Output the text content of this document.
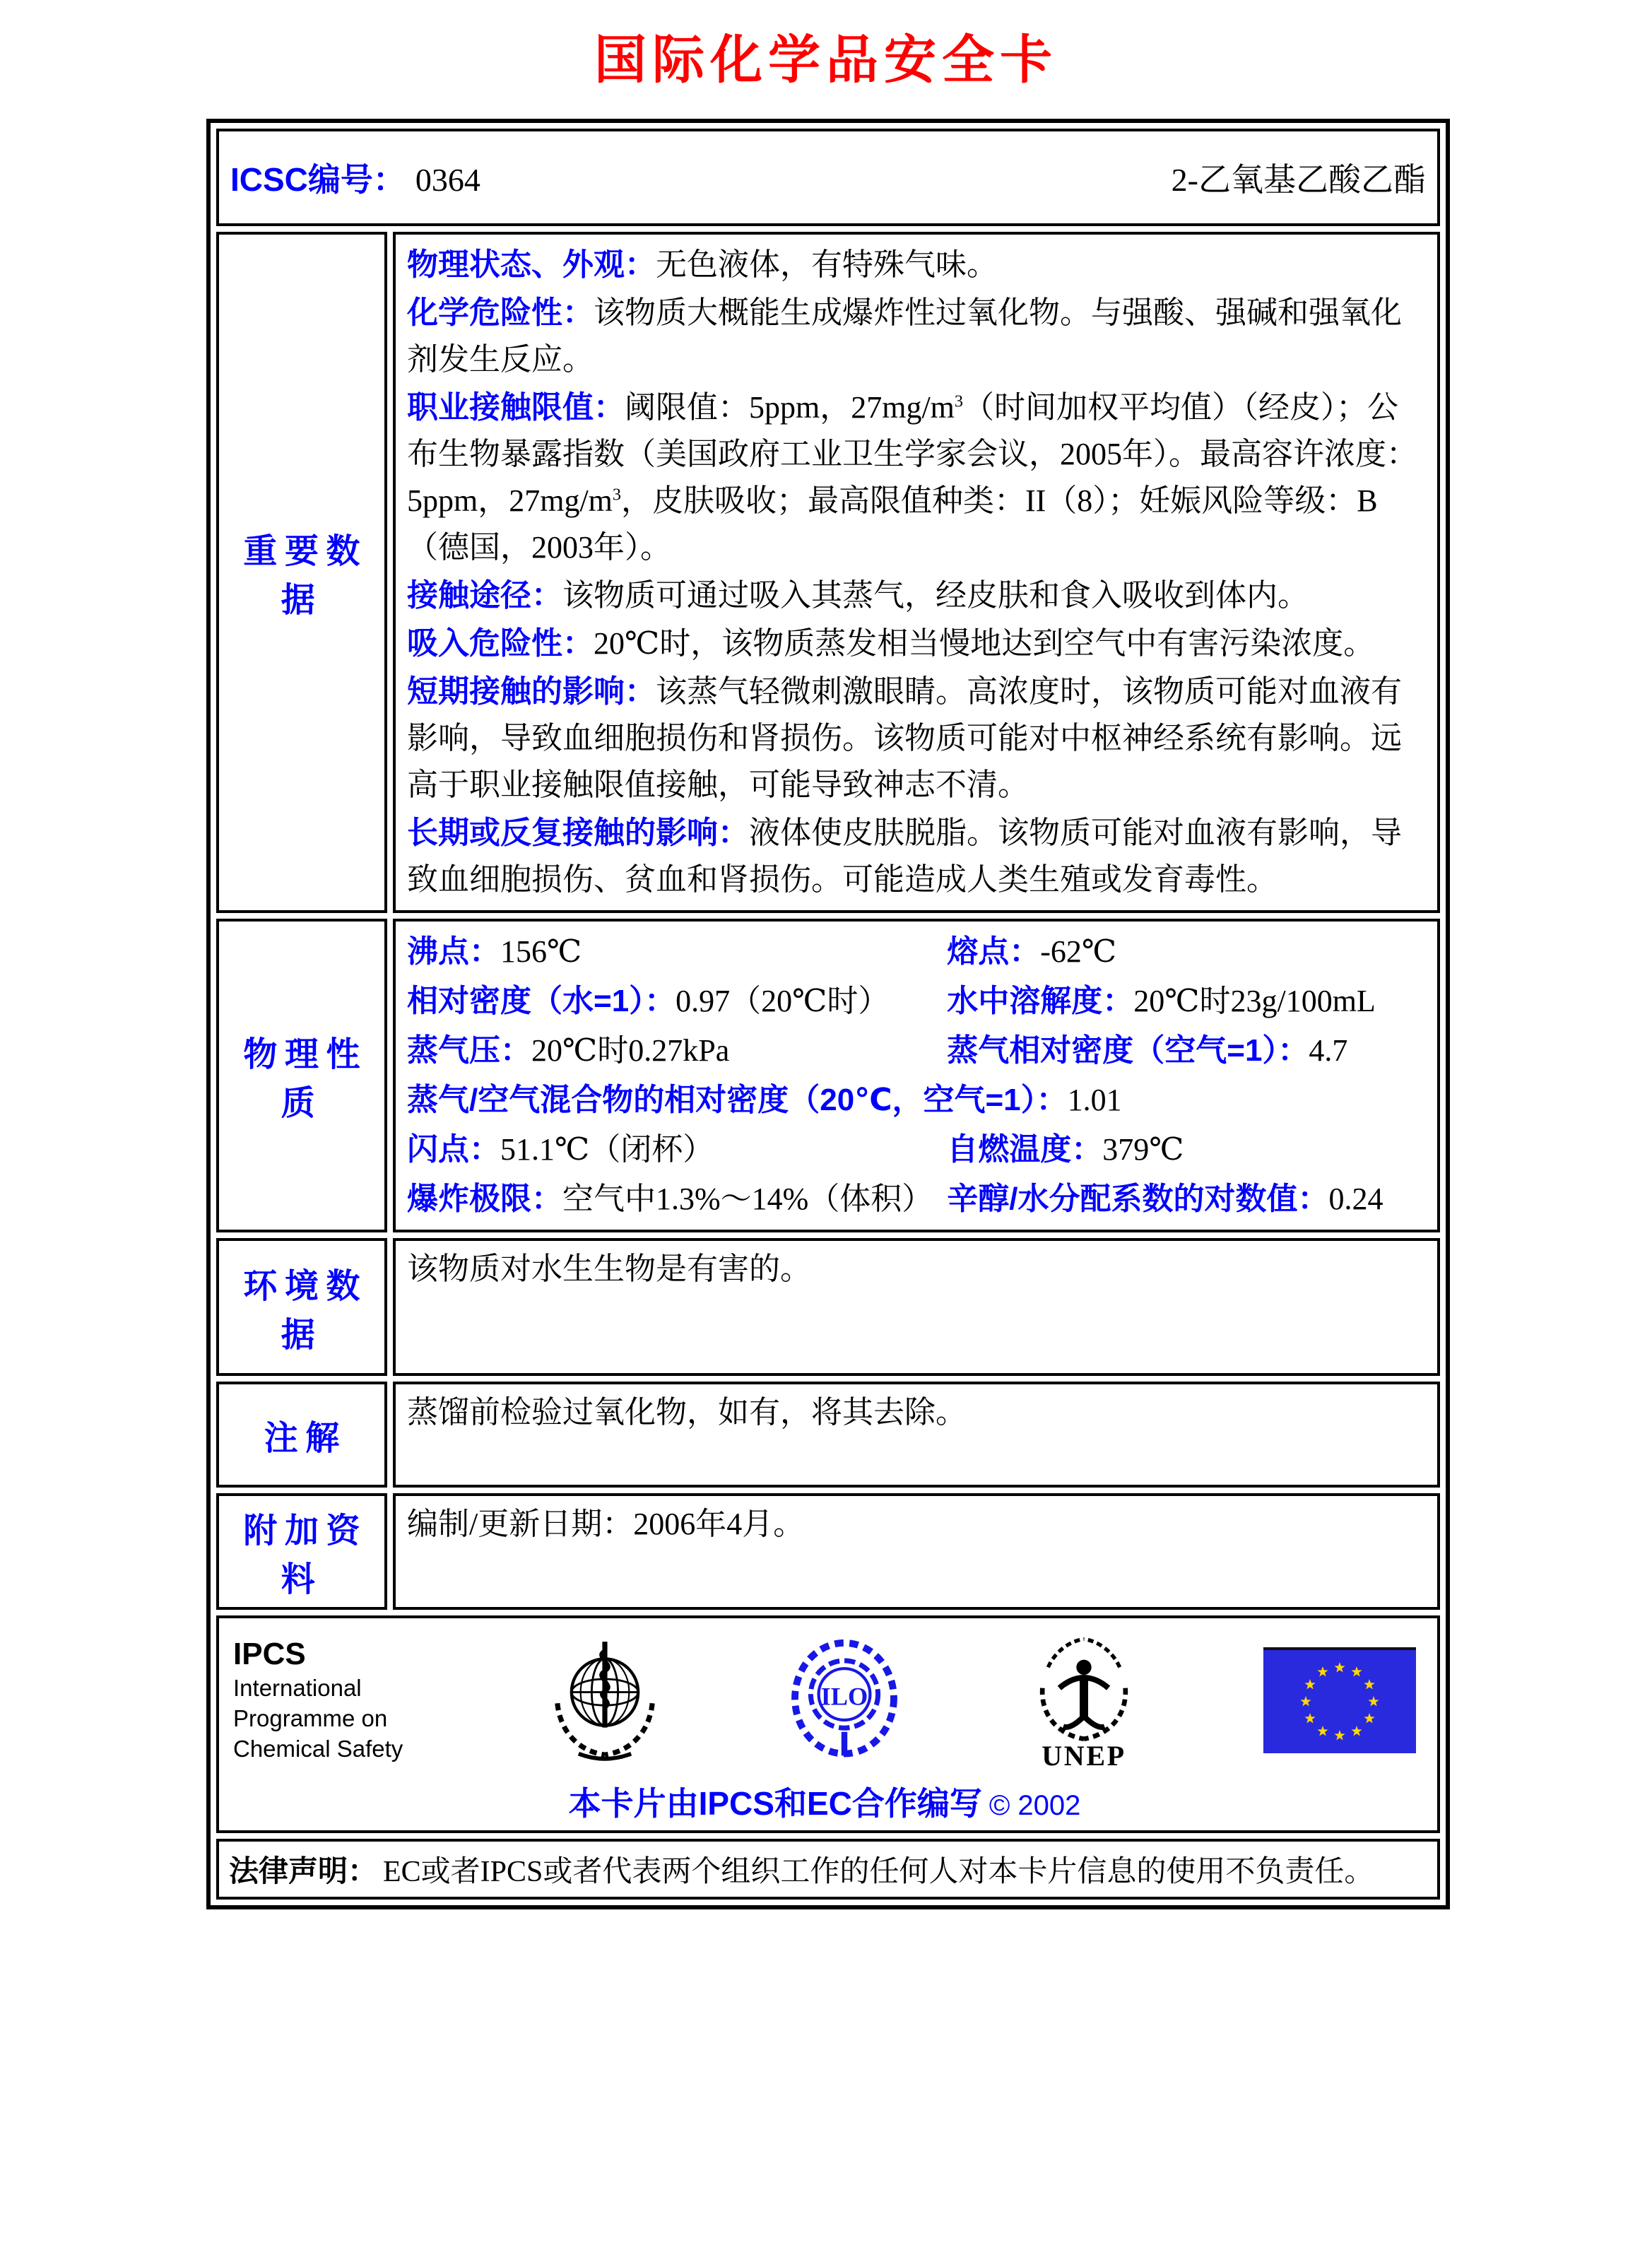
国际化学品安全卡
ICSC编号： 0364	2-乙氧基乙酸乙酯
重要数据
物理状态、外观：无色液体，有特殊气味。
化学危险性：该物质大概能生成爆炸性过氧化物。与强酸、强碱和强氧化剂发生反应。
职业接触限值：阈限值：5ppm，$27mg/m^3$（时间加权平均值）（经皮）；公布生物暴露指数（美国政府工业卫生学家会议，2005年）。最高容许浓度：5ppm，$27mg/m^3$，皮肤吸收；最高限值种类：II（8）；妊娠风险等级：B（德国，2003年）。
接触途径：该物质可通过吸入其蒸气，经皮肤和食入吸收到体内。
吸入危险性：20℃时，该物质蒸发相当慢地达到空气中有害污染浓度。
短期接触的影响：该蒸气轻微刺激眼睛。高浓度时，该物质可能对血液有影响，导致血细胞损伤和肾损伤。该物质可能对中枢神经系统有影响。远高于职业接触限值接触，可能导致神志不清。
长期或反复接触的影响：液体使皮肤脱脂。该物质可能对血液有影响，导致血细胞损伤、贫血和肾损伤。可能造成人类生殖或发育毒性。
物理性质
沸点：156℃	熔点：-62℃
相对密度（水=1）：0.97（20℃时）	水中溶解度：20℃时23g/100mL
蒸气压：20℃时0.27kPa	蒸气相对密度（空气=1）：4.7
蒸气/空气混合物的相对密度（20℃，空气=1）：1.01
闪点：51.1℃（闭杯）	自燃温度：379℃
爆炸极限：空气中1.3%～14%（体积） 辛醇/水分配系数的对数值：0.24
环境数据
该物质对水生生物是有害的。
注解
蒸馏前检验过氧化物，如有，将其去除。
附加资料
编制/更新日期：2006年4月。
IPCS
International
Programme on
Chemical Safety
ILO
UNEP
本卡片由IPCS和EC合作编写 © 2002
法律声明： EC或者IPCS或者代表两个组织工作的任何人对本卡片信息的使用不负责任。
